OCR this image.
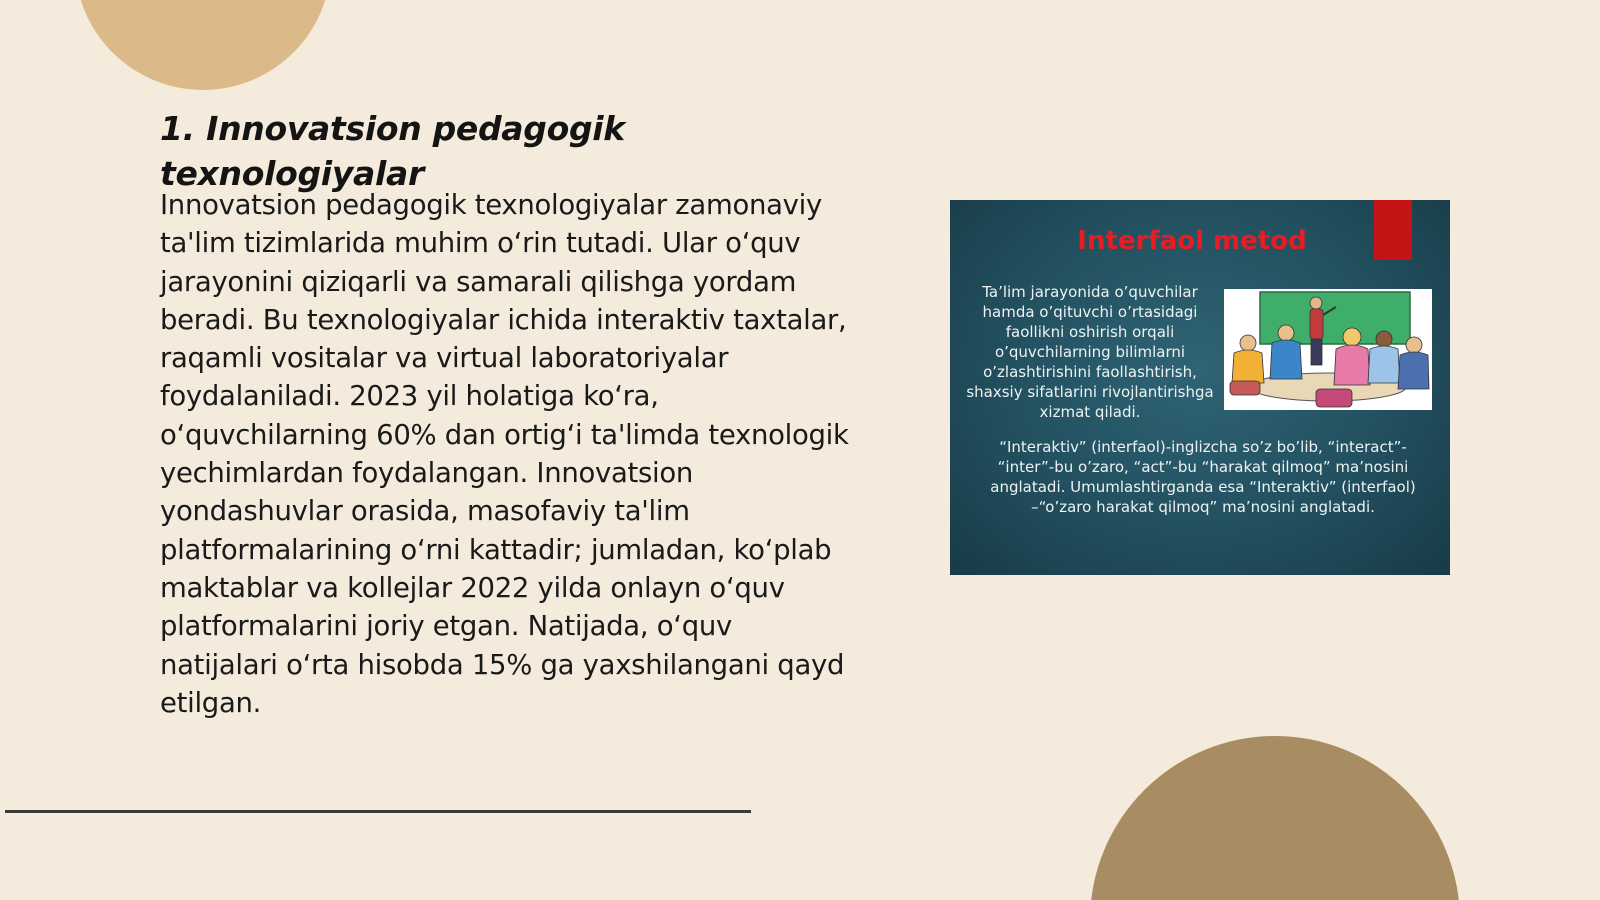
1. Innovatsion pedagogik texnologiyalar

Innovatsion pedagogik texnologiyalar zamonaviy ta'lim tizimlarida muhim o‘rin tutadi. Ular o‘quv jarayonini qiziqarli va samarali qilishga yordam beradi. Bu texnologiyalar ichida interaktiv taxtalar, raqamli vositalar va virtual laboratoriyalar foydalaniladi. 2023 yil holatiga ko‘ra, o‘quvchilarning 60% dan ortig‘i ta'limda texnologik yechimlardan foydalangan. Innovatsion yondashuvlar orasida, masofaviy ta'lim platformalarining o‘rni kattadir; jumladan, ko‘plab maktablar va kollejlar 2022 yilda onlayn o‘quv platformalarini joriy etgan. Natijada, o‘quv natijalari o‘rta hisobda 15% ga yaxshilangani qayd etilgan.

Interfaol metod
Ta’lim jarayonida o’quvchilar hamda o’qituvchi o’rtasidagi faollikni oshirish orqali o’quvchilarning bilimlarni o’zlashtirishini faollashtirish, shaxsiy sifatlarini rivojlantirishga xizmat qiladi.
“Interaktiv” (interfaol)-inglizcha so’z bo’lib, “interact”- “inter”-bu o’zaro, “act”-bu “harakat qilmoq” ma’nosini anglatadi. Umumlashtirganda esa “Interaktiv” (interfaol) –“o’zaro harakat qilmoq” ma’nosini anglatadi.
